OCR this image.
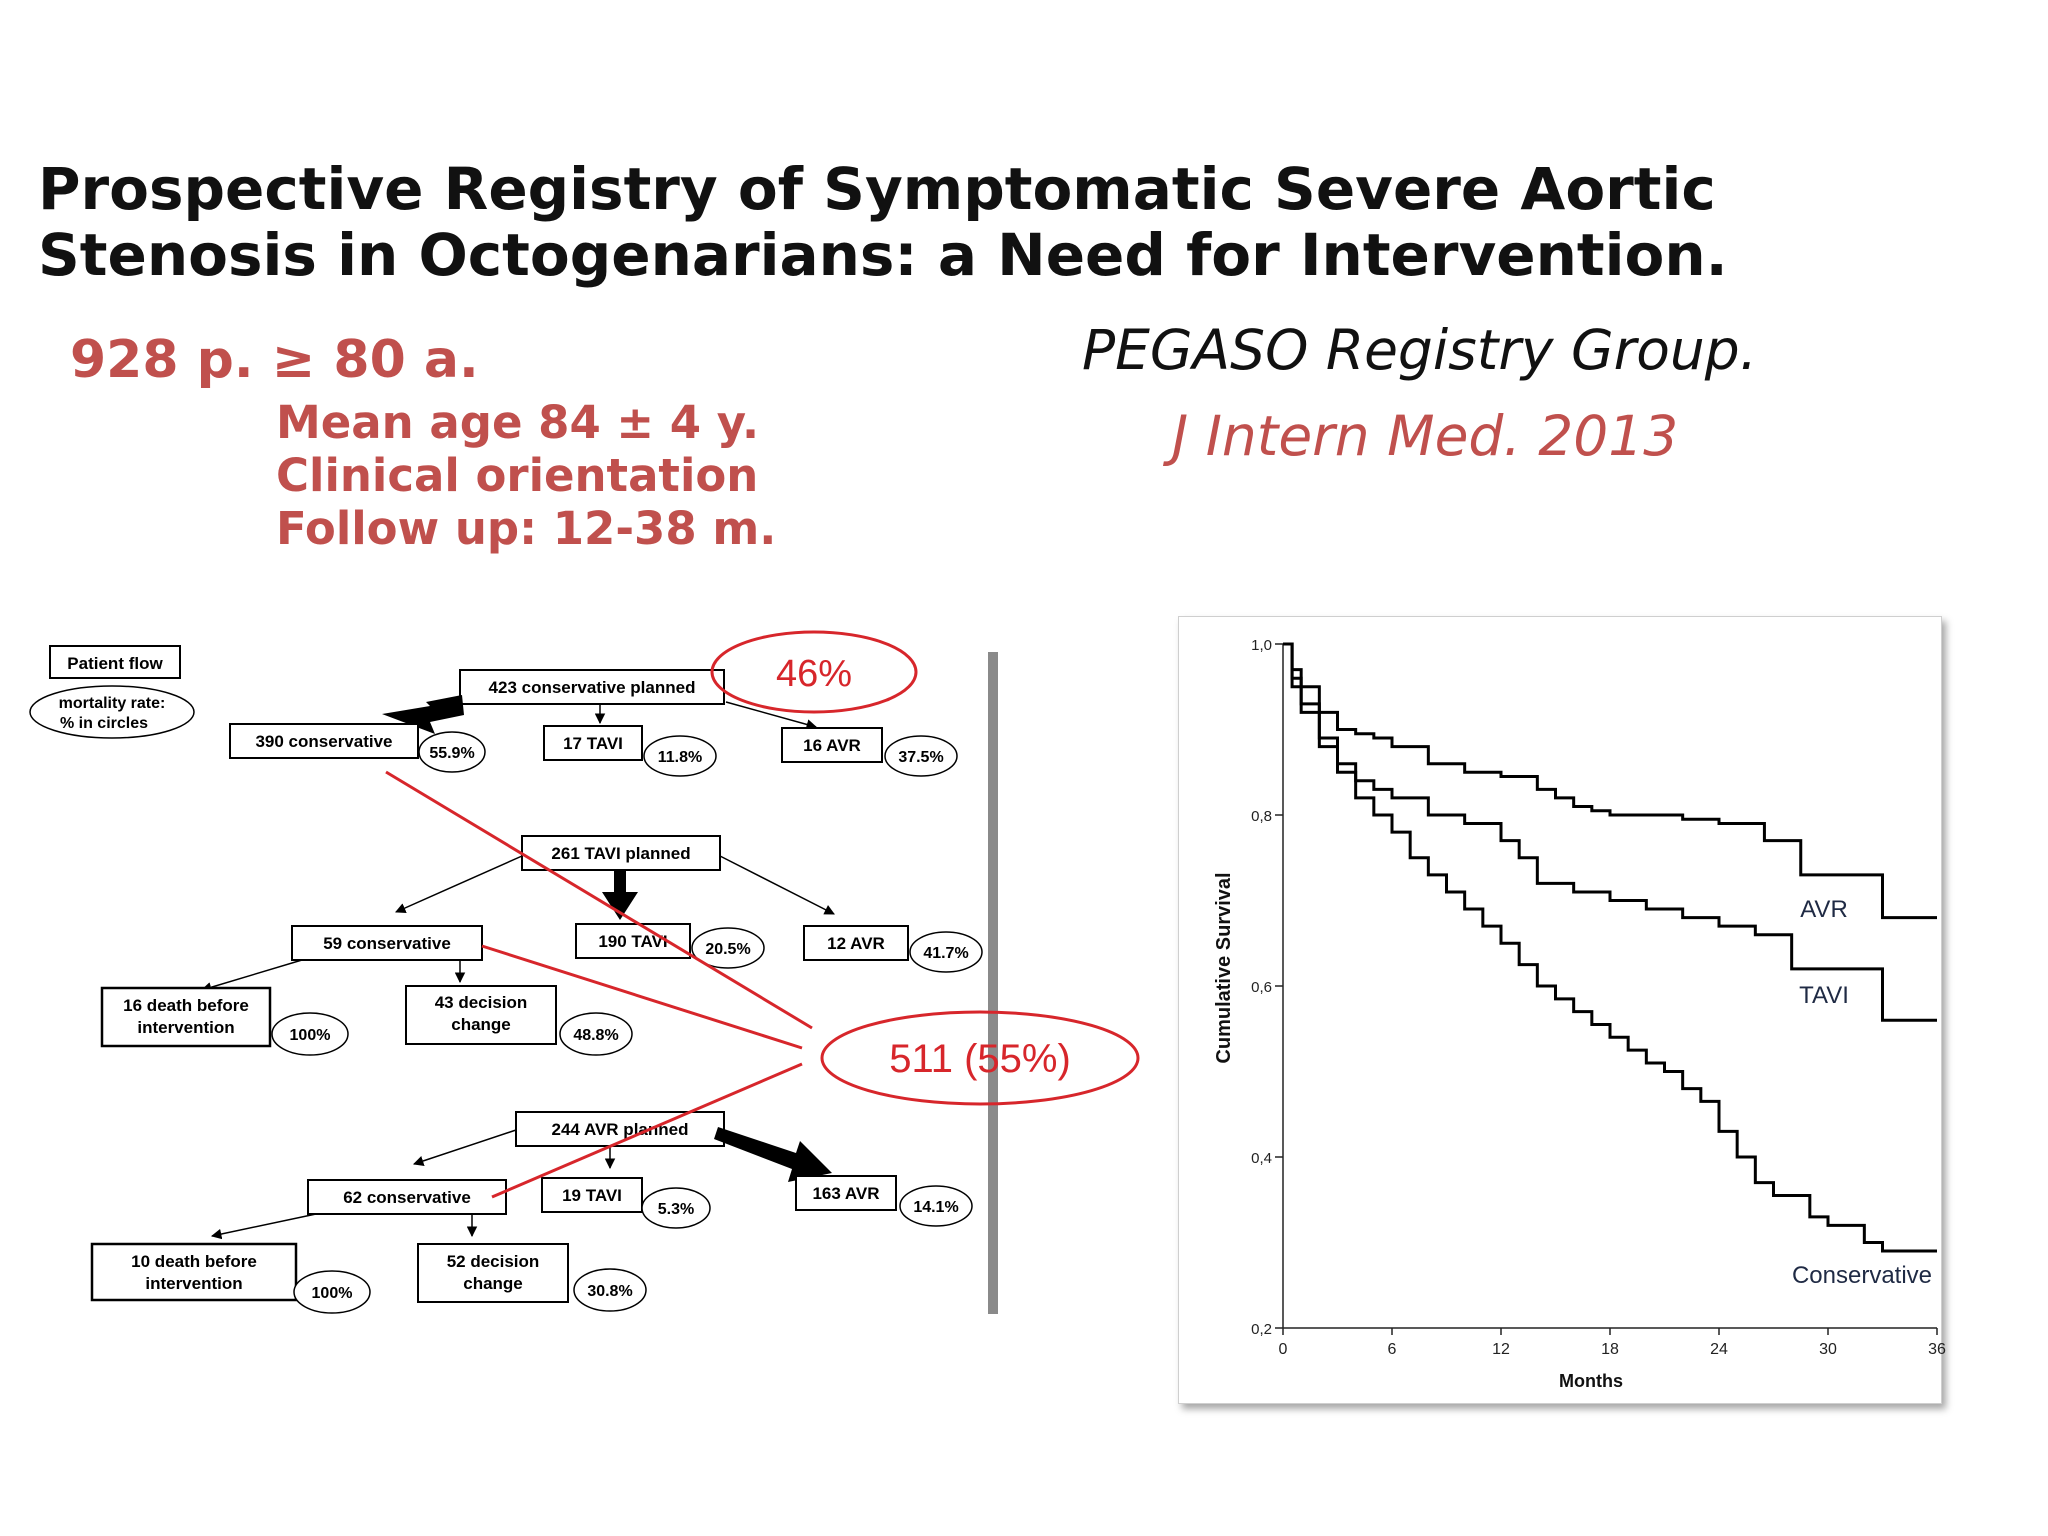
Prospective Registry of Symptomatic Severe Aortic
Stenosis in Octogenarians: a Need for Intervention.
928 p. ≥ 80 a.
Mean age 84 ± 4 y.
Clinical orientation
Follow up: 12-38 m.
PEGASO Registry Group.
J Intern Med. 2013
Patient flow
mortality rate:
% in circles
423 conservative planned
390 conservative
55.9%
17 TAVI
11.8%
16 AVR
37.5%
46%
261 TAVI planned
59 conservative	190 TAVI 20.5%	12 AVR
41.7%
16 death before
intervention	100%
43 decision
change
48.8%
244 AVR planned
62 conservative	19 TAVI
5.3%
163 AVR
14.1%
10 death before
intervention
100%
52 decision
change	30.8%
511 (55%)
0	6	12	18	24	30	36
0,2
0,4
0,6
0,8
1,0
AVR
TAVI
Conservative
Cumulative Survival
Months
